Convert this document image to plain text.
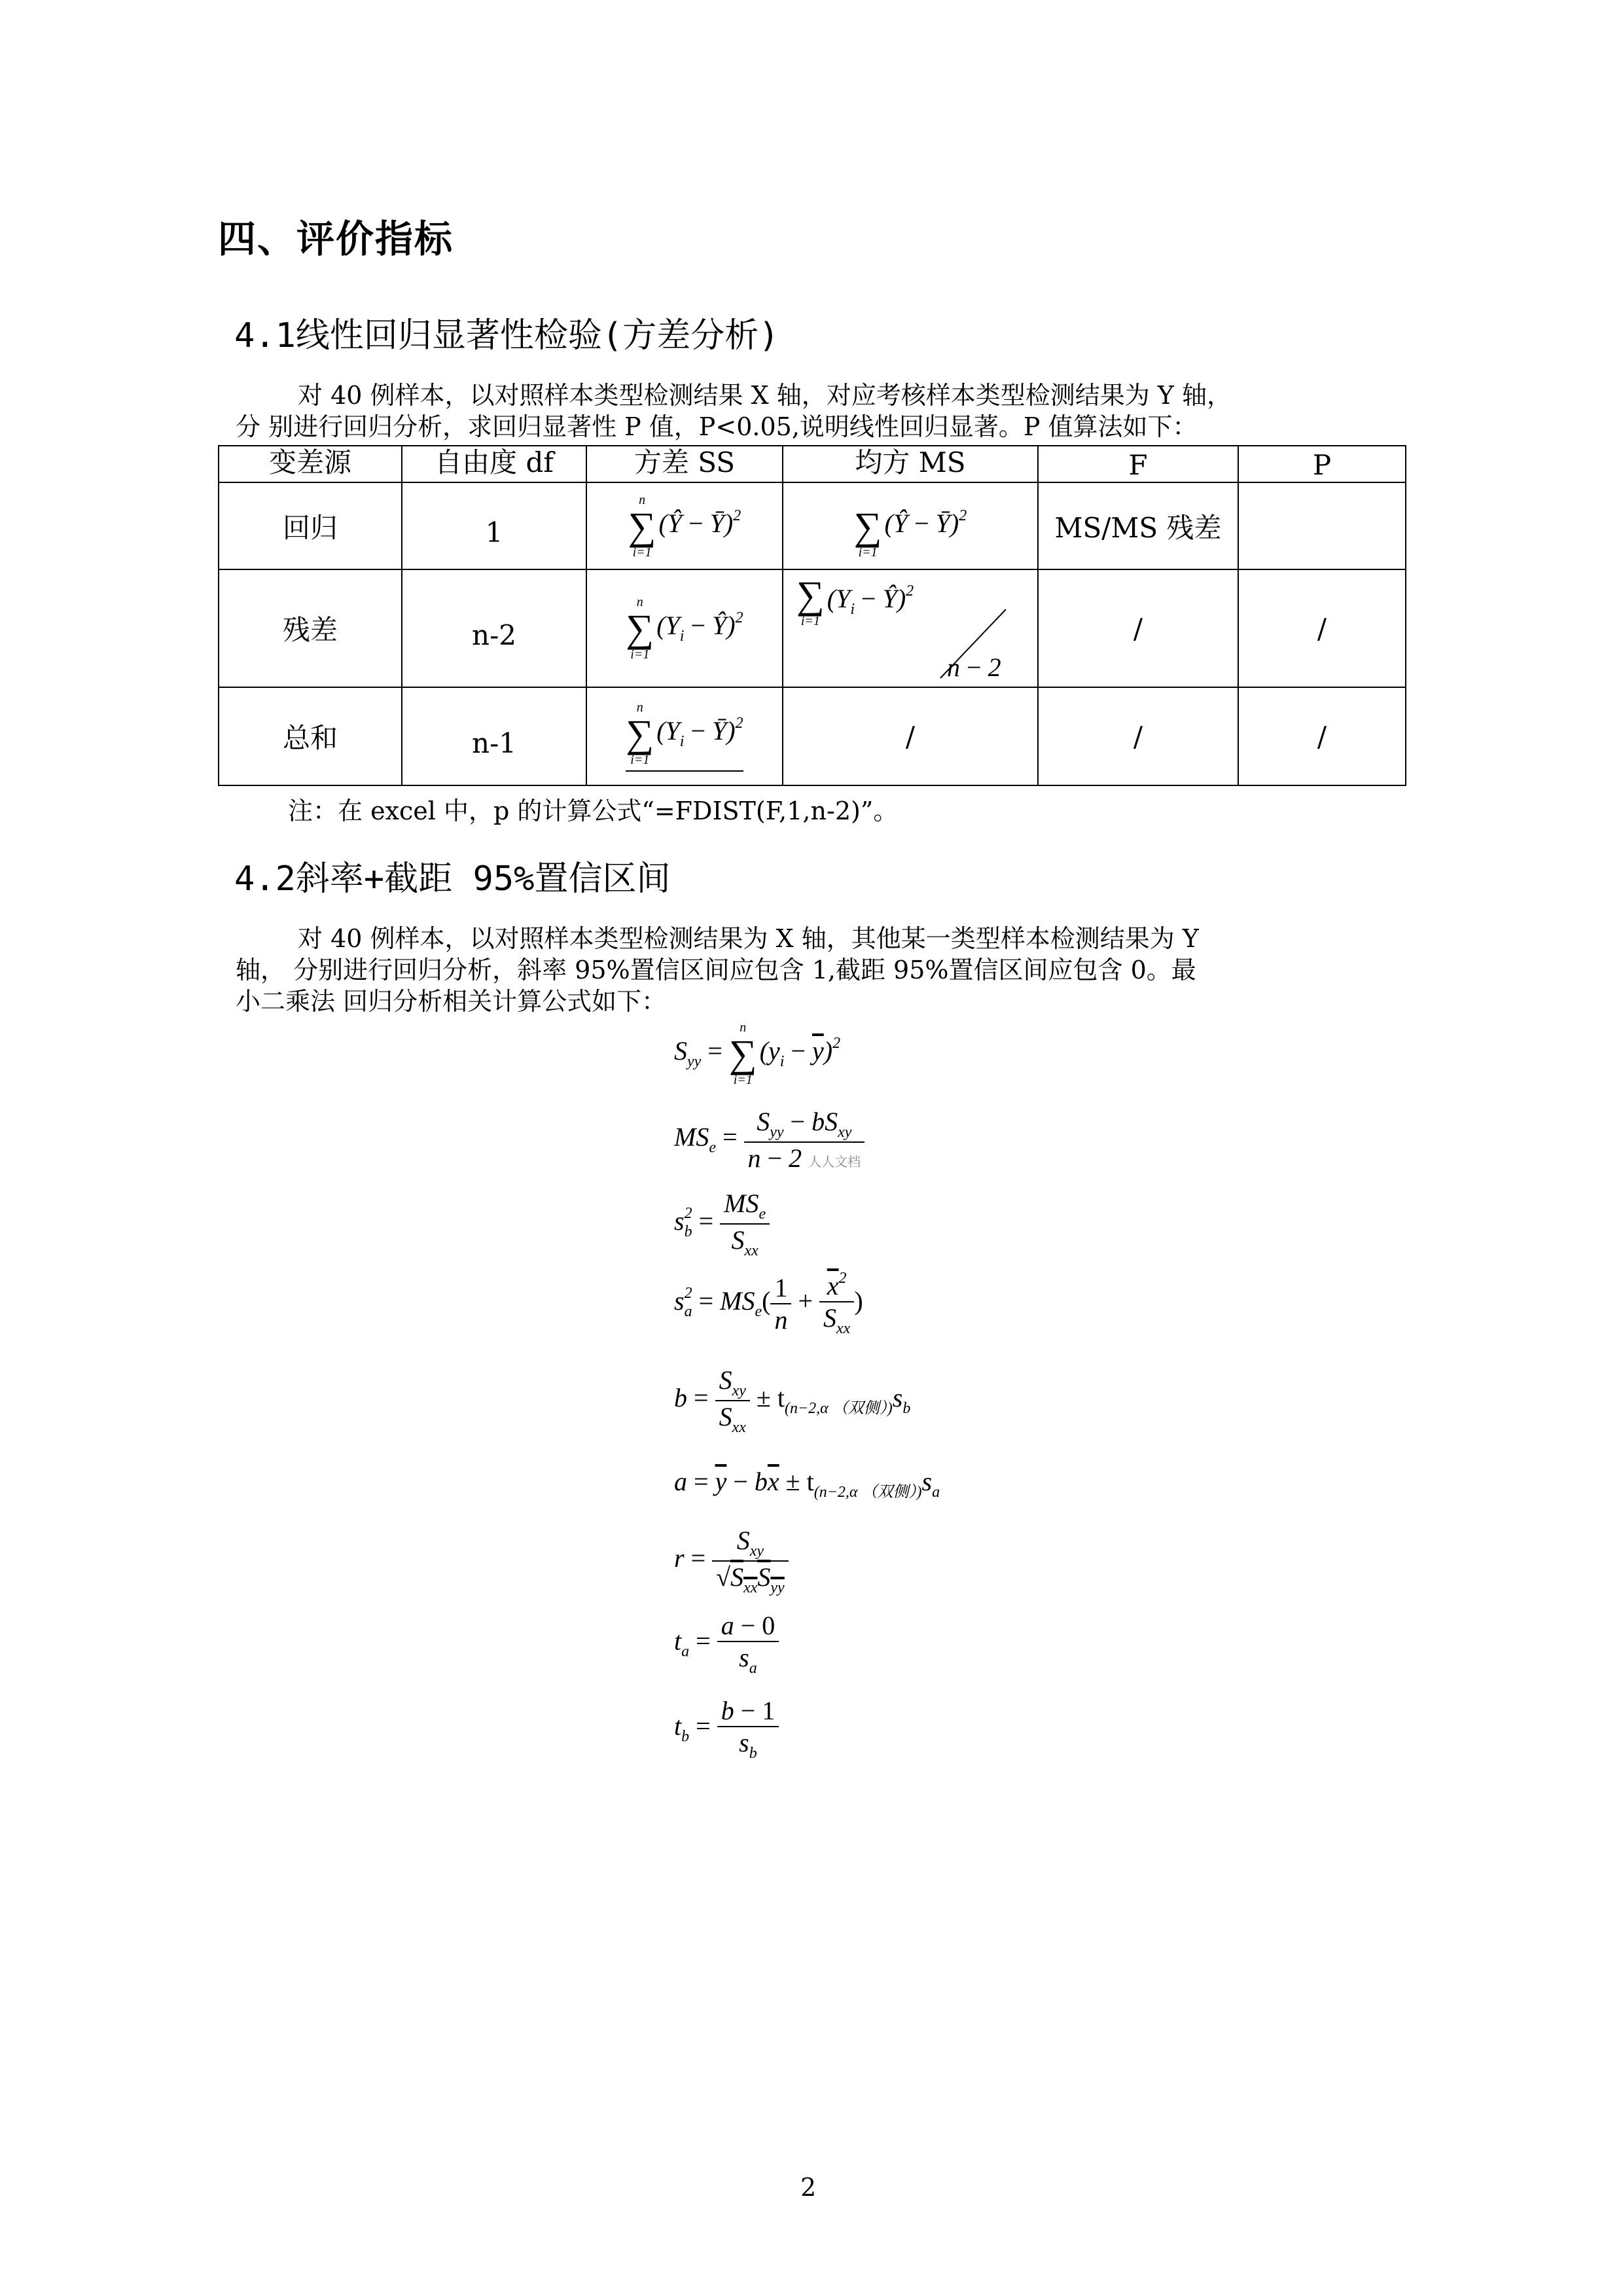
四、评价指标
4.1线性回归显著性检验(方差分析)
对 40 例样本，以对照样本类型检测结果 X 轴，对应考核样本类型检测结果为 Y 轴，
分 别进行回归分析，求回归显著性 P 值，P<0.05,说明线性回归显著。P 值算法如下：
变差源	自由度 df	方差 SS	均方 MS	F	P
回归	1	n
∑
i=1
(Ŷ − Ȳ)$^2$	∑
i=1
(Ŷ − Ȳ)$^2$	MS/MS 残差	
残差	n-2	n
∑
i=1
($Y_i$ − Ŷ)$^2$	∑
i=1
($Y_i$ − Ŷ)$^2$
n − 2	/	/
总和	n-1	n
∑
i=1
($Y_i$ − Ȳ)$^2$	/	/	/
注：在 excel 中，p 的计算公式“=FDIST(F,1,n-2)”。
4.2斜率+截距 95%置信区间
对 40 例样本，以对照样本类型检测结果为 X 轴，其他某一类型样本检测结果为 Y
轴， 分别进行回归分析，斜率 95%置信区间应包含 1,截距 95%置信区间应包含 0。最
小二乘法 回归分析相关计算公式如下：
$S_{yy}$ =
n
∑
i=1
$(y_i - \overline{y})^2$
$MS_e = \frac{S_{yy} - bS_{xy}}{\text{n − 2 人人文档}}$
$s_b^2 = \frac{MS_e}{S_{xx}}$
$s_a^2 = MS_e( \frac{1}{n} + \frac{\overline{x}^2}{S_{xx}}$ )
$b = \frac{S_{xy}}{S_{xx}} \pm t_{(n-2,\alpha (双侧))}s_b$
$a = \overline{y} - b\overline{x} \pm t_{(n-2,\alpha (双侧))}s_a$
$r = \frac{S_{xy}}{√S_{xx}S_{yy}}$
$t_a = \frac{a - 0}{s_a}$
$t_b = \frac{b - 1}{s_b}$
2
